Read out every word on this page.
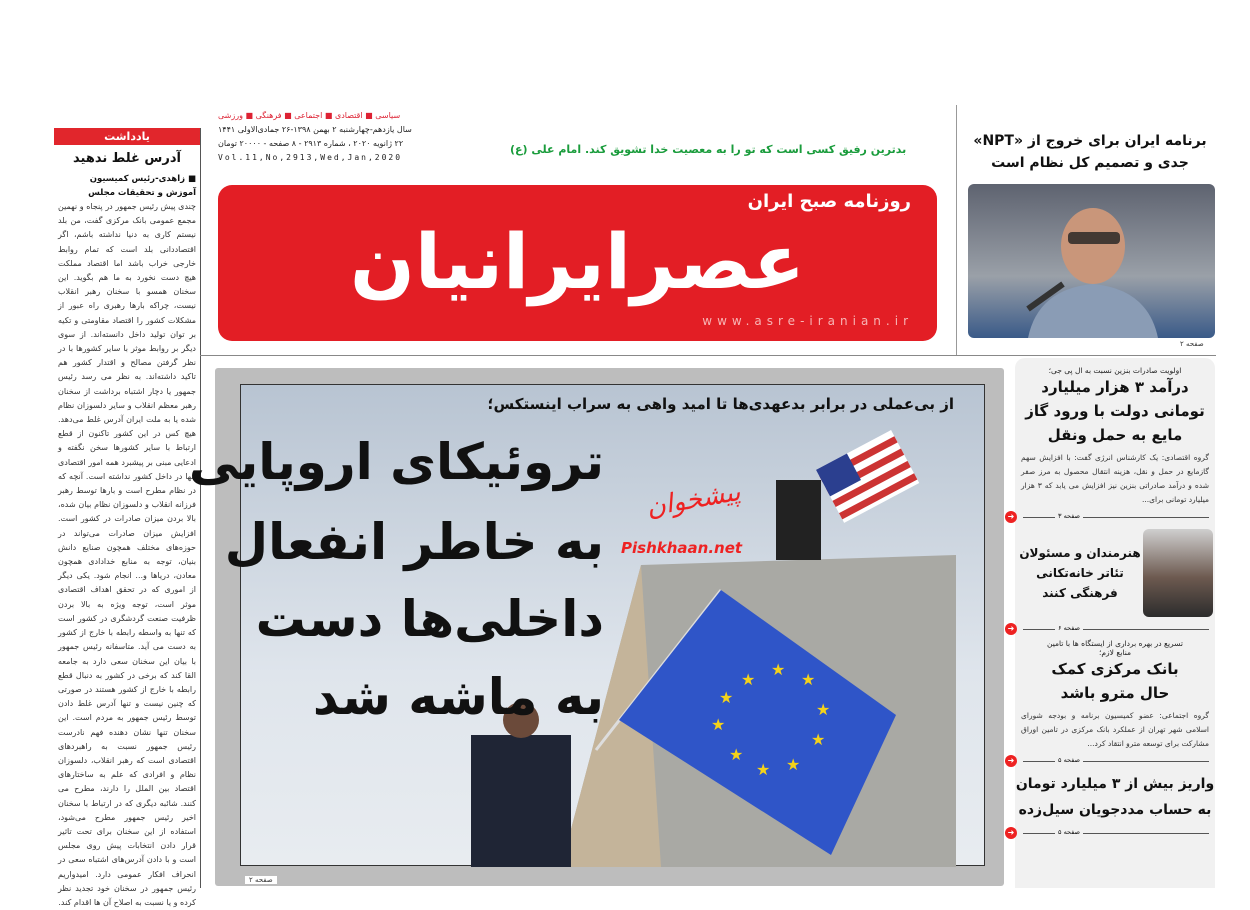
یادداشت
آدرس غلط ندهید
■ زاهدی-رئیس کمیسیون آموزش و تحقیقات مجلس
چندی پیش رئیس جمهور در پنجاه و نهمین مجمع عمومی بانک مرکزی گفت، من بلد نیستم کاری به دنیا نداشته باشم، اگر اقتصاددانی بلد است که تمام روابط خارجی خراب باشد اما اقتصاد مملکت هیچ دست نخورد به ما هم بگوید. این سخنان همسو با سخنان رهبر انقلاب نیست، چراکه بارها رهبری راه عبور از مشکلات کشور را اقتصاد مقاومتی و تکیه بر توان تولید داخل دانسته‌اند. از سوی دیگر بر روابط موثر با سایر کشورها با در نظر گرفتن مصالح و اقتدار کشور هم تاکید داشته‌اند. به نظر می رسد رئیس جمهور یا دچار اشتباه برداشت از سخنان رهبر معظم انقلاب و سایر دلسوزان نظام شده یا به ملت ایران آدرس غلط می‌دهد. هیچ کس در این کشور تاکنون از قطع ارتباط با سایر کشورها سخن نگفته و ادعایی مبنی بر پیشبرد همه امور اقتصادی تنها در داخل کشور نداشته است. آنچه که در نظام مطرح است و بارها توسط رهبر فرزانه انقلاب و دلسوزان نظام بیان شده، بالا بردن میزان صادرات در کشور است. افزایش میزان صادرات می‌تواند در حوزه‌های مختلف همچون صنایع دانش بنیان، توجه به منابع خدادادی همچون معادن، دریاها و... انجام شود. یکی دیگر از اموری که در تحقق اهداف اقتصادی موثر است، توجه ویژه به بالا بردن ظرفیت صنعت گردشگری در کشور است که تنها به واسطه رابطه با خارج از کشور به دست می آید. متاسفانه رئیس جمهور با بیان این سخنان سعی دارد به جامعه القا کند که برخی در کشور به دنبال قطع رابطه با خارج از کشور هستند در صورتی که چنین نیست و تنها آدرس غلط دادن توسط رئیس جمهور به مردم است. این سخنان تنها نشان دهنده فهم نادرست رئیس جمهور نسبت به راهبردهای اقتصادی است که رهبر انقلاب، دلسوزان نظام و افرادی که علم به ساختارهای اقتصاد بین الملل را دارند، مطرح می کنند. شائبه دیگری که در ارتباط با سخنان اخیر رئیس جمهور مطرح می‌شود، استفاده از این سخنان برای تحت تاثیر قرار دادن انتخابات پیش روی مجلس است و با دادن آدرس‌های اشتباه سعی در انحراف افکار عمومی دارد. امیدواریم رئیس جمهور در سخنان خود تجدید نظر کرده و یا نسبت به اصلاح آن ها اقدام کند.
سیاسی ■ اقتصادی ■ اجتماعی ■ فرهنگی ■ ورزشی
سال یازدهم-چهارشنبه ۲ بهمن ۱۳۹۸-۲۶ جمادی‌الاولی ۱۴۴۱
۲۲ ژانویه ۲۰۲۰ ، شماره ۲۹۱۳ - ۸ صفحه - ۲۰۰۰۰ تومان
Vol.11,No,2913,Wed,Jan,2020
بدترین رفیق کسی است که تو را به معصیت خدا تشویق کند. امام علی (ع)
روزنامه صبح ایران
عصرایرانیان
www.asre-iranian.ir
برنامه ایران برای خروج از «NPT» جدی و تصمیم کل نظام است
صفحه ۲
★
★
★
★
★
★
★
★
★
★
از بی‌عملی در برابر بدعهدی‌ها تا امید واهی به سراب اینستکس؛
تروئیکای اروپایی
به خاطر انفعال
داخلی‌ها دست
به ماشه شد
پیشخوان
Pishkhaan.net
صفحه ۲
اولویت صادرات بنزین نسبت به ال پی جی؛
درآمد ۳ هزار میلیارد تومانی دولت با ورود گاز مایع به حمل ونقل
گروه اقتصادی: یک کارشناس انرژی گفت: با افزایش سهم گازمایع در حمل و نقل، هزینه انتقال محصول به مرز صفر شده و درآمد صادراتی بنزین نیز افزایش می یابد که ۳ هزار میلیارد تومانی برای...
➜	صفحه ۳
هنرمندان و مسئولان تئاتر خانه‌تکانی فرهنگی کنند
➜	صفحه ۶
تسریع در بهره برداری از ایستگاه ها با تامین منابع لازم؛
بانک مرکزی کمک حال مترو باشد
گروه اجتماعی: عضو کمیسیون برنامه و بودجه شورای اسلامی شهر تهران از عملکرد بانک مرکزی در تامین اوراق مشارکت برای توسعه مترو انتقاد کرد...
➜	صفحه ۵
واریز بیش از ۳ میلیارد تومان به حساب مددجویان سیل‌زده
➜	صفحه ۵
